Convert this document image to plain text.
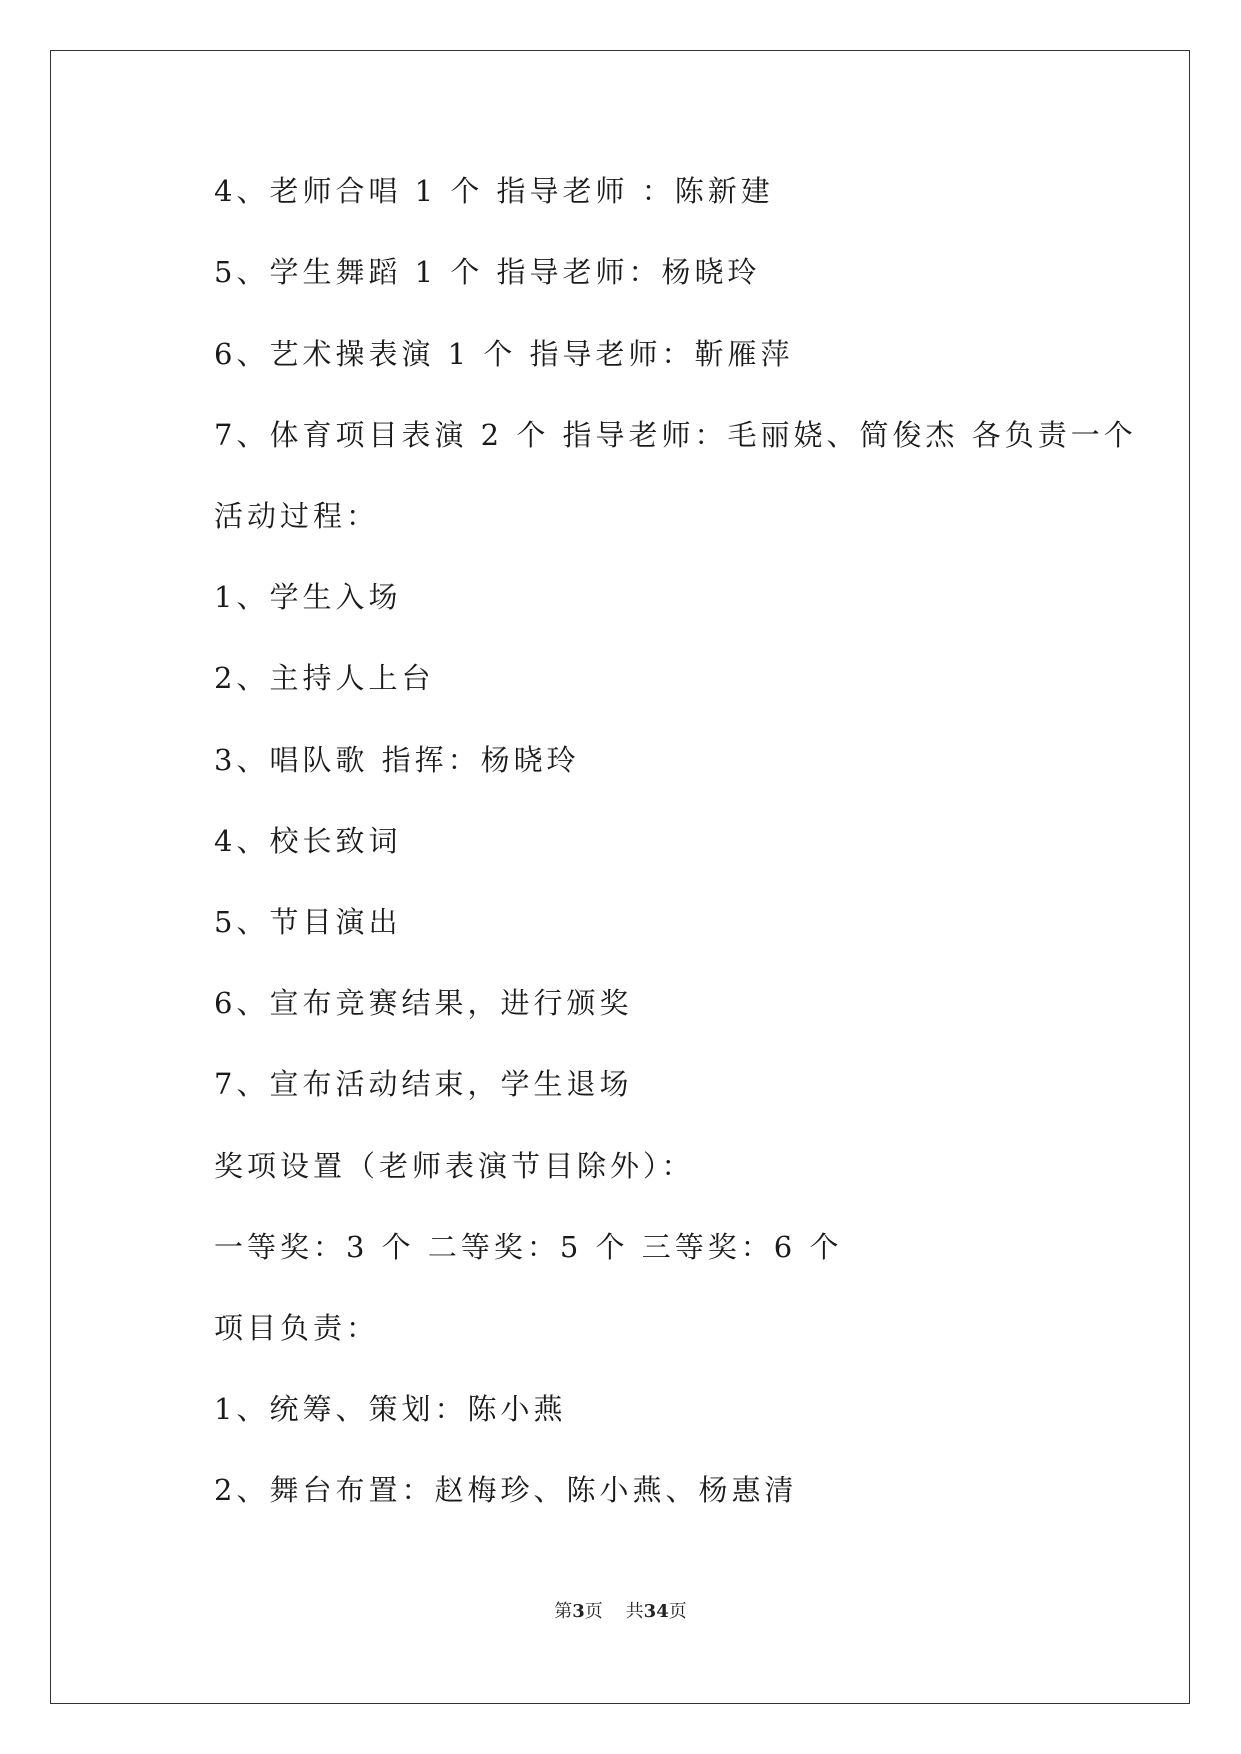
4、老师合唱 1 个 指导老师 ：陈新建
5、学生舞蹈 1 个 指导老师：杨晓玲
6、艺术操表演 1 个 指导老师：靳雁萍
7、体育项目表演 2 个 指导老师：毛丽娆、简俊杰 各负责一个
活动过程：
1、学生入场
2、主持人上台
3、唱队歌 指挥：杨晓玲
4、校长致词
5、节目演出
6、宣布竞赛结果，进行颁奖
7、宣布活动结束，学生退场
奖项设置（老师表演节目除外）：
一等奖：3 个 二等奖：5 个 三等奖：6 个
项目负责：
1、统筹、策划：陈小燕
2、舞台布置：赵梅珍、陈小燕、杨惠清
第3页 共34页
